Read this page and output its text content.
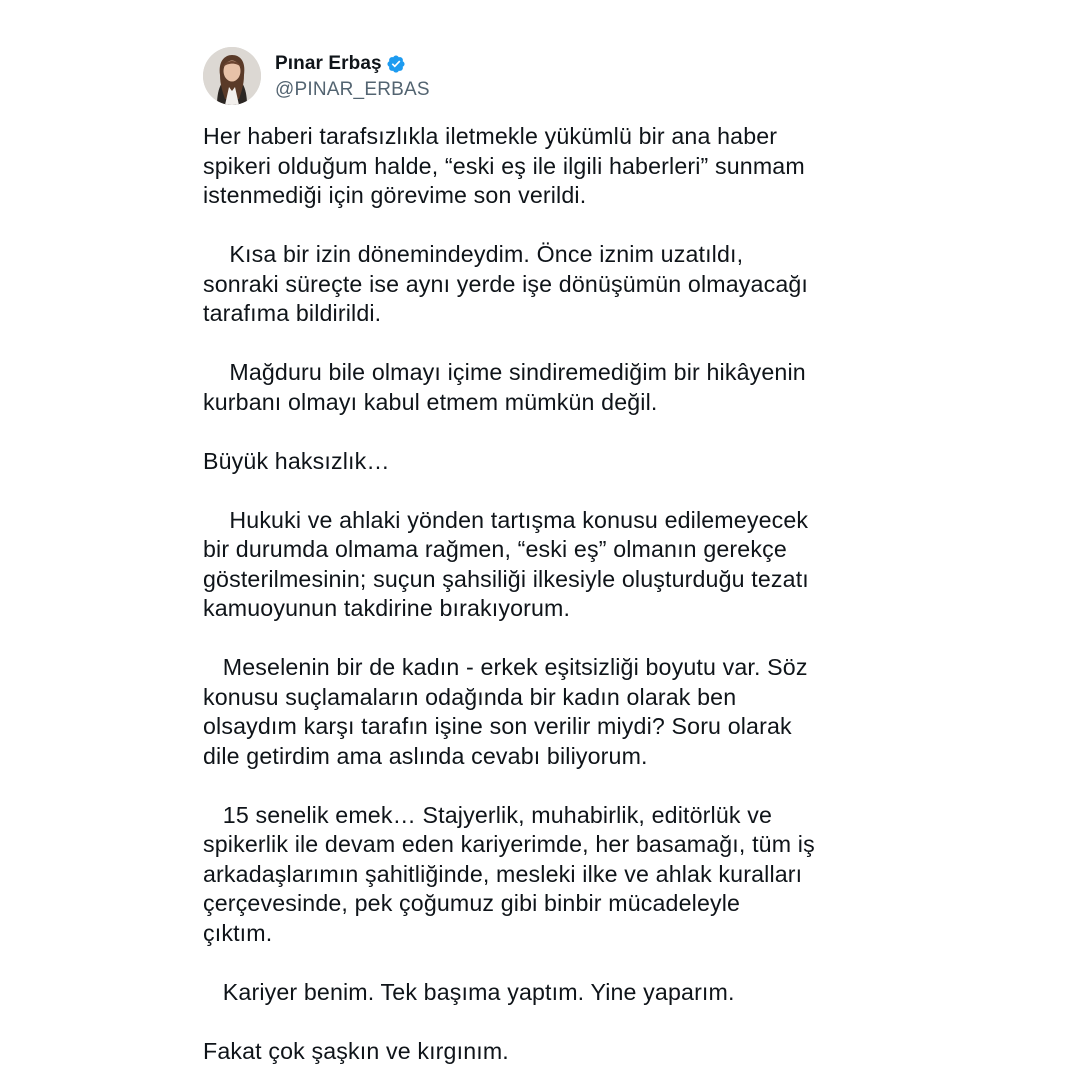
Pınar Erbaş
@PINAR_ERBAS

Her haberi tarafsızlıkla iletmekle yükümlü bir ana haber
spikeri olduğum halde, “eski eş ile ilgili haberleri” sunmam
istenmediği için görevime son verildi.

Kısa bir izin dönemindeydim. Önce iznim uzatıldı,
sonraki süreçte ise aynı yerde işe dönüşümün olmayacağı
tarafıma bildirildi.

Mağduru bile olmayı içime sindiremediğim bir hikâyenin
kurbanı olmayı kabul etmem mümkün değil.

Büyük haksızlık…

Hukuki ve ahlaki yönden tartışma konusu edilemeyecek
bir durumda olmama rağmen, “eski eş” olmanın gerekçe
gösterilmesinin; suçun şahsiliği ilkesiyle oluşturduğu tezatı
kamuoyunun takdirine bırakıyorum.

Meselenin bir de kadın - erkek eşitsizliği boyutu var. Söz
konusu suçlamaların odağında bir kadın olarak ben
olsaydım karşı tarafın işine son verilir miydi? Soru olarak
dile getirdim ama aslında cevabı biliyorum.

15 senelik emek… Stajyerlik, muhabirlik, editörlük ve
spikerlik ile devam eden kariyerimde, her basamağı, tüm iş
arkadaşlarımın şahitliğinde, mesleki ilke ve ahlak kuralları
çerçevesinde, pek çoğumuz gibi binbir mücadeleyle
çıktım.

Kariyer benim. Tek başıma yaptım. Yine yaparım.

Fakat çok şaşkın ve kırgınım.
